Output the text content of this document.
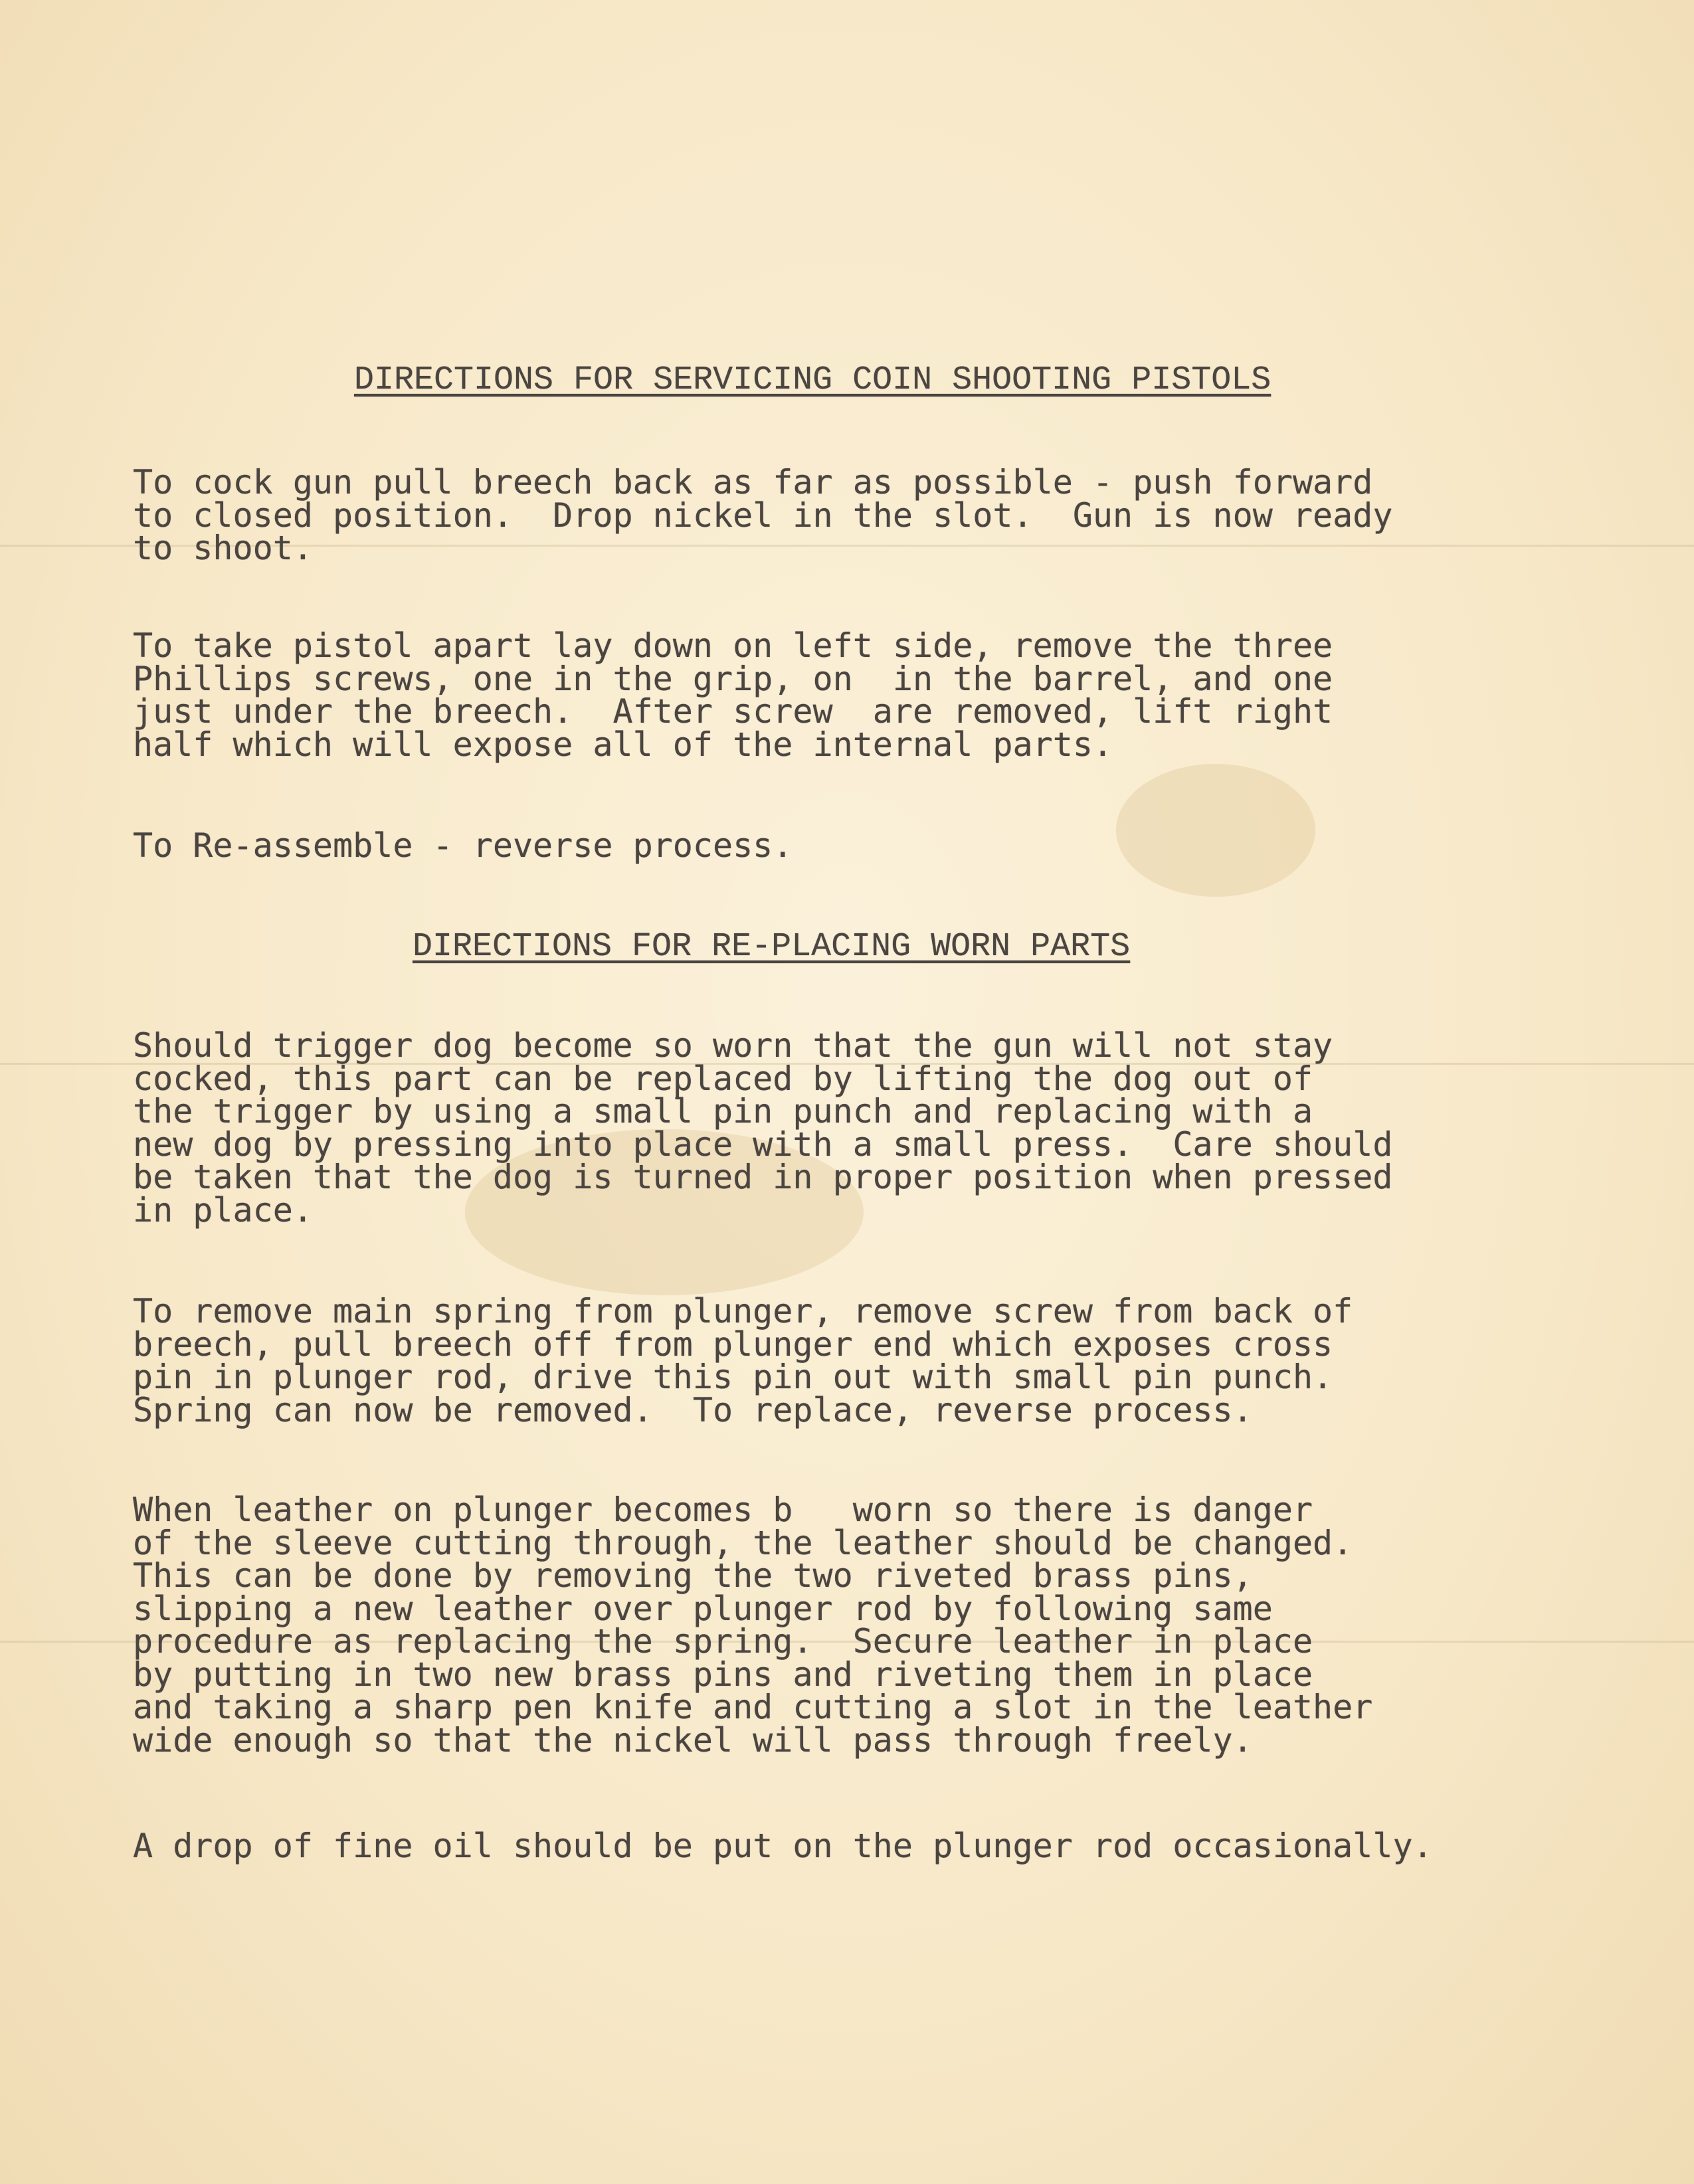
DIRECTIONS FOR SERVICING COIN SHOOTING PISTOLS
To cock gun pull breech back as far as possible - push forward
to closed position.  Drop nickel in the slot.  Gun is now ready
to shoot.
To take pistol apart lay down on left side, remove the three
Phillips screws, one in the grip, on  in the barrel, and one
just under the breech.  After screw  are removed, lift right
half which will expose all of the internal parts.
To Re-assemble - reverse process.
DIRECTIONS FOR RE-PLACING WORN PARTS
Should trigger dog become so worn that the gun will not stay
cocked, this part can be replaced by lifting the dog out of
the trigger by using a small pin punch and replacing with a
new dog by pressing into place with a small press.  Care should
be taken that the dog is turned in proper position when pressed
in place.
To remove main spring from plunger, remove screw from back of
breech, pull breech off from plunger end which exposes cross
pin in plunger rod, drive this pin out with small pin punch.
Spring can now be removed.  To replace, reverse process.
When leather on plunger becomes b   worn so there is danger
of the sleeve cutting through, the leather should be changed.
This can be done by removing the two riveted brass pins,
slipping a new leather over plunger rod by following same
procedure as replacing the spring.  Secure leather in place
by putting in two new brass pins and riveting them in place
and taking a sharp pen knife and cutting a slot in the leather
wide enough so that the nickel will pass through freely.
A drop of fine oil should be put on the plunger rod occasionally.
